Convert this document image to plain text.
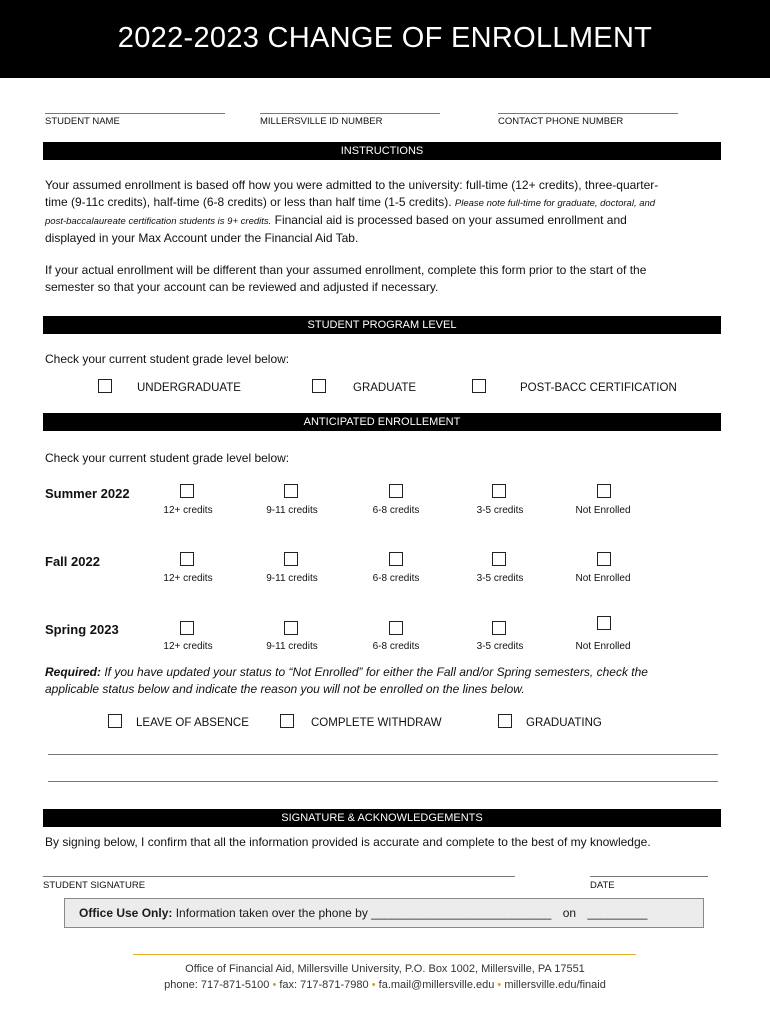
2022-2023 CHANGE OF ENROLLMENT
STUDENT NAME	MILLERSVILLE ID NUMBER	CONTACT PHONE NUMBER
INSTRUCTIONS
Your assumed enrollment is based off how you were admitted to the university: full-time (12+ credits), three-quarter-
time (9-11c credits), half-time (6-8 credits) or less than half time (1-5 credits). Please note full-time for graduate, doctoral, and
post-baccalaureate certification students is 9+ credits. Financial aid is processed based on your assumed enrollment and
displayed in your Max Account under the Financial Aid Tab.
If your actual enrollment will be different than your assumed enrollment, complete this form prior to the start of the
semester so that your account can be reviewed and adjusted if necessary.
STUDENT PROGRAM LEVEL
Check your current student grade level below:
UNDERGRADUATE	GRADUATE	POST-BACC CERTIFICATION
ANTICIPATED ENROLLEMENT
Check your current student grade level below:
Summer 2022
12+ credits	9-11 credits	6-8 credits	3-5 credits	Not Enrolled
Fall 2022
12+ credits	9-11 credits	6-8 credits	3-5 credits	Not Enrolled
Spring 2023
12+ credits	9-11 credits	6-8 credits	3-5 credits	Not Enrolled
Required: If you have updated your status to “Not Enrolled” for either the Fall and/or Spring semesters, check the
applicable status below and indicate the reason you will not be enrolled on the lines below.
LEAVE OF ABSENCE	COMPLETE WITHDRAW	GRADUATING
SIGNATURE & ACKNOWLEDGEMENTS
By signing below, I confirm that all the information provided is accurate and complete to the best of my knowledge.
STUDENT SIGNATURE	DATE
Office Use Only: Information taken over the phone by ___________________________ on _________
Office of Financial Aid, Millersville University, P.O. Box 1002, Millersville, PA 17551
phone: 717-871-5100 • fax: 717-871-7980 • fa.mail@millersville.edu • millersville.edu/finaid
